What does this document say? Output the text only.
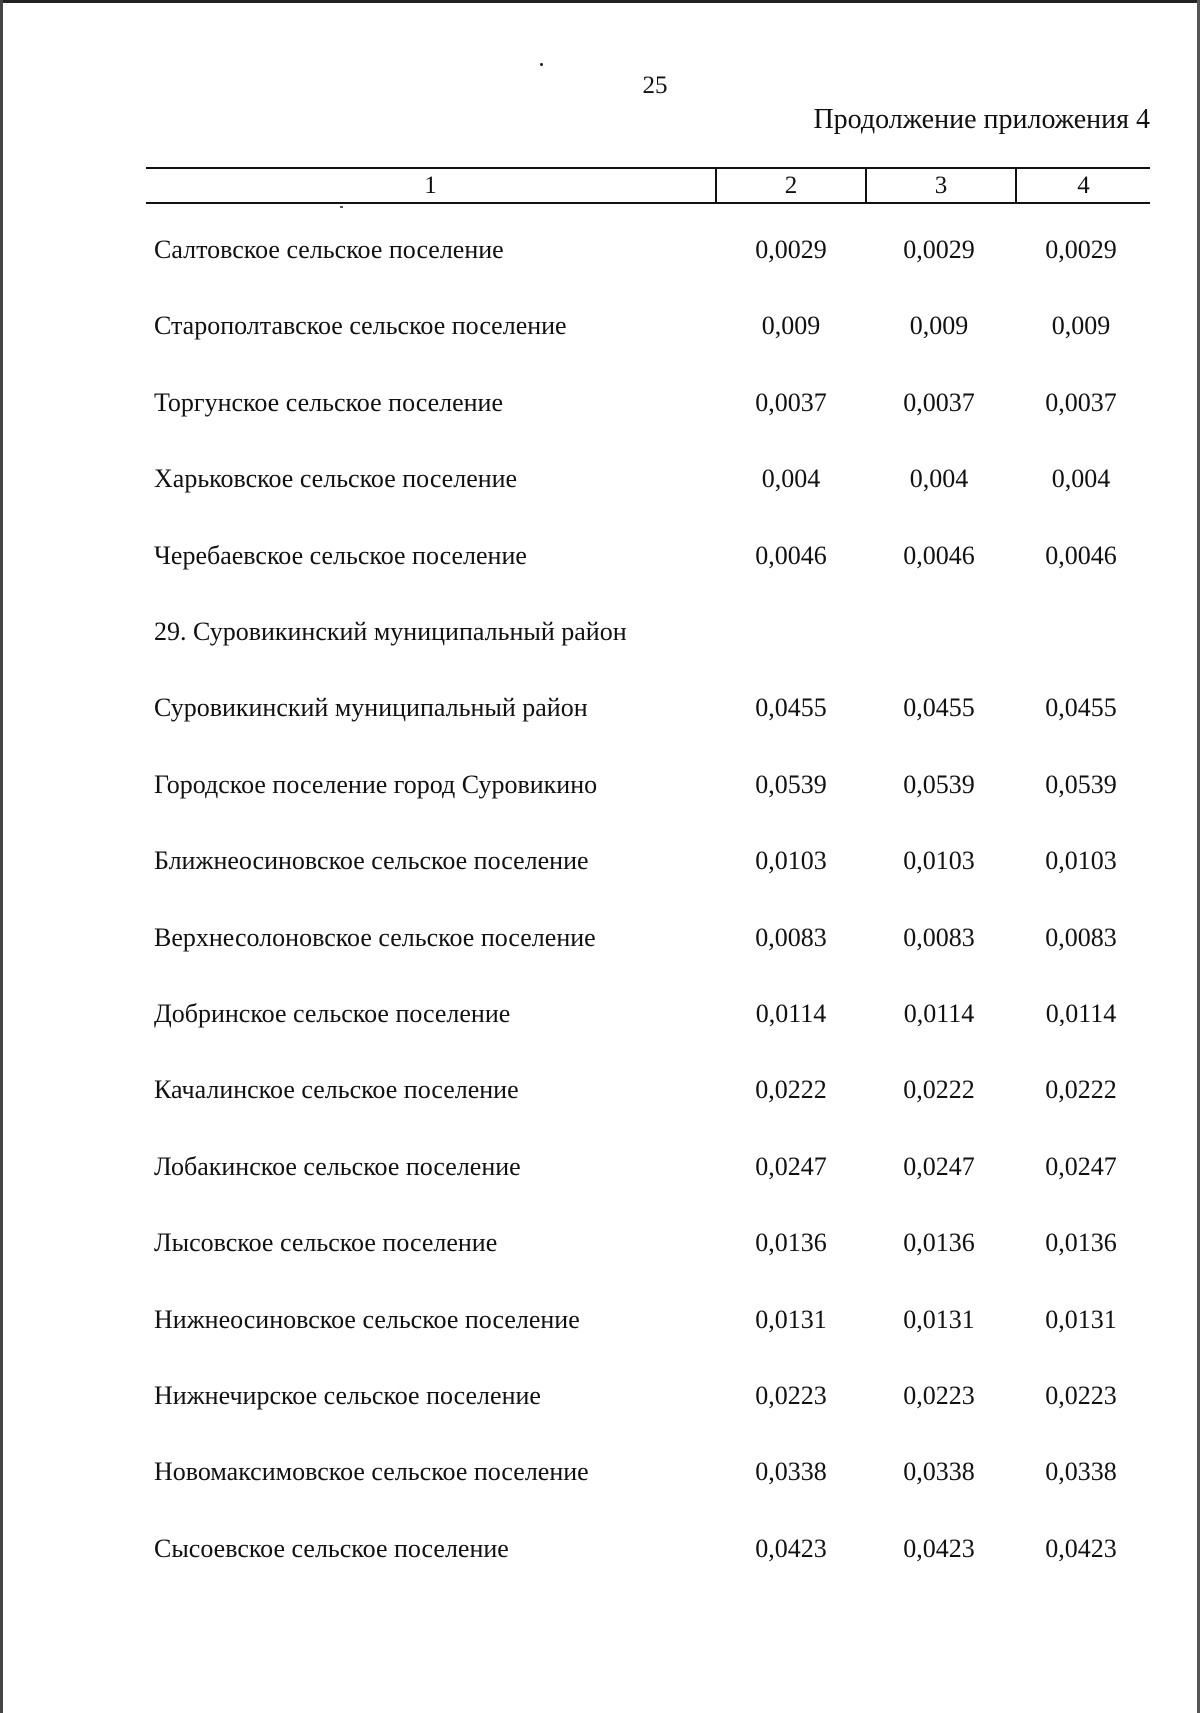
25
Продолжение приложения 4
1	2	3	4
Салтовское сельское поселение	0,0029	0,0029	0,0029
Старополтавское сельское поселение	0,009	0,009	0,009
Торгунское сельское поселение	0,0037	0,0037	0,0037
Харьковское сельское поселение	0,004	0,004	0,004
Черебаевское сельское поселение	0,0046	0,0046	0,0046
29. Суровикинский муниципальный район
Суровикинский муниципальный район	0,0455	0,0455	0,0455
Городское поселение город Суровикино	0,0539	0,0539	0,0539
Ближнеосиновское сельское поселение	0,0103	0,0103	0,0103
Верхнесолоновское сельское поселение	0,0083	0,0083	0,0083
Добринское сельское поселение	0,0114	0,0114	0,0114
Качалинское сельское поселение	0,0222	0,0222	0,0222
Лобакинское сельское поселение	0,0247	0,0247	0,0247
Лысовское сельское поселение	0,0136	0,0136	0,0136
Нижнеосиновское сельское поселение	0,0131	0,0131	0,0131
Нижнечирское сельское поселение	0,0223	0,0223	0,0223
Новомаксимовское сельское поселение	0,0338	0,0338	0,0338
Сысоевское сельское поселение	0,0423	0,0423	0,0423
